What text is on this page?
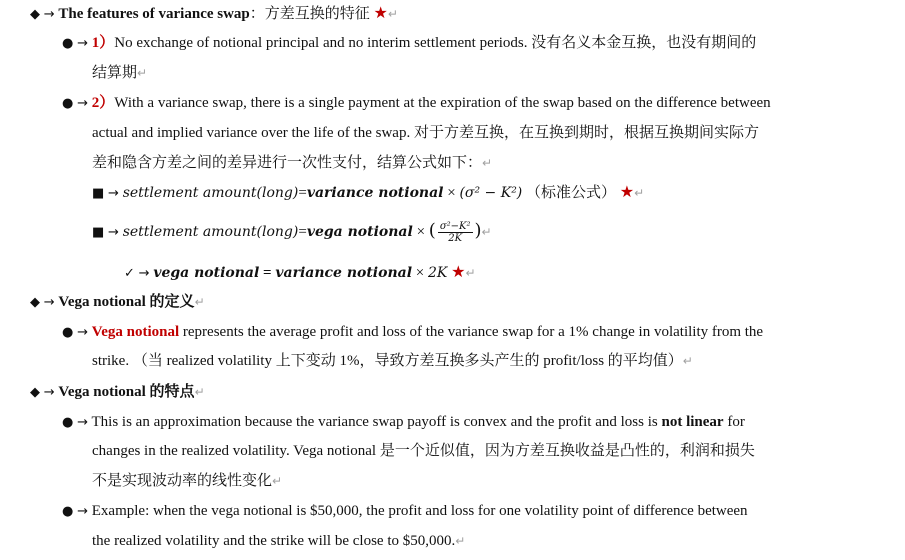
◆ → The features of variance swap：方差互换的特征 ★↵
● → 1）No exchange of notional principal and no interim settlement periods. 没有名义本金互换，也没有期间的
结算期↵
● → 2）With a variance swap, there is a single payment at the expiration of the swap based on the difference between
actual and implied variance over the life of the swap. 对于方差互换，在互换到期时，根据互换期间实际方
差和隐含方差之间的差异进行一次性支付，结算公式如下：↵
■ → settlement amount(long)=variance notional × (σ² − K²) （标准公式） ★↵
■ → settlement amount(long)=vega notional × ( $\frac{\text{σ²−K²}}{2K}$ )↵
✓ → vega notional = variance notional × 2K ★↵
◆ → Vega notional 的定义↵
● → Vega notional represents the average profit and loss of the variance swap for a 1% change in volatility from the
strike. （当 realized volatility 上下变动 1%，导致方差互换多头产生的 profit/loss 的平均值）↵
◆ → Vega notional 的特点↵
● → This is an approximation because the variance swap payoff is convex and the profit and loss is not linear for
changes in the realized volatility. Vega notional 是一个近似值，因为方差互换收益是凸性的，利润和损失
不是实现波动率的线性变化↵
● → Example: when the vega notional is $50,000, the profit and loss for one volatility point of difference between
the realized volatility and the strike will be close to $50,000.↵
